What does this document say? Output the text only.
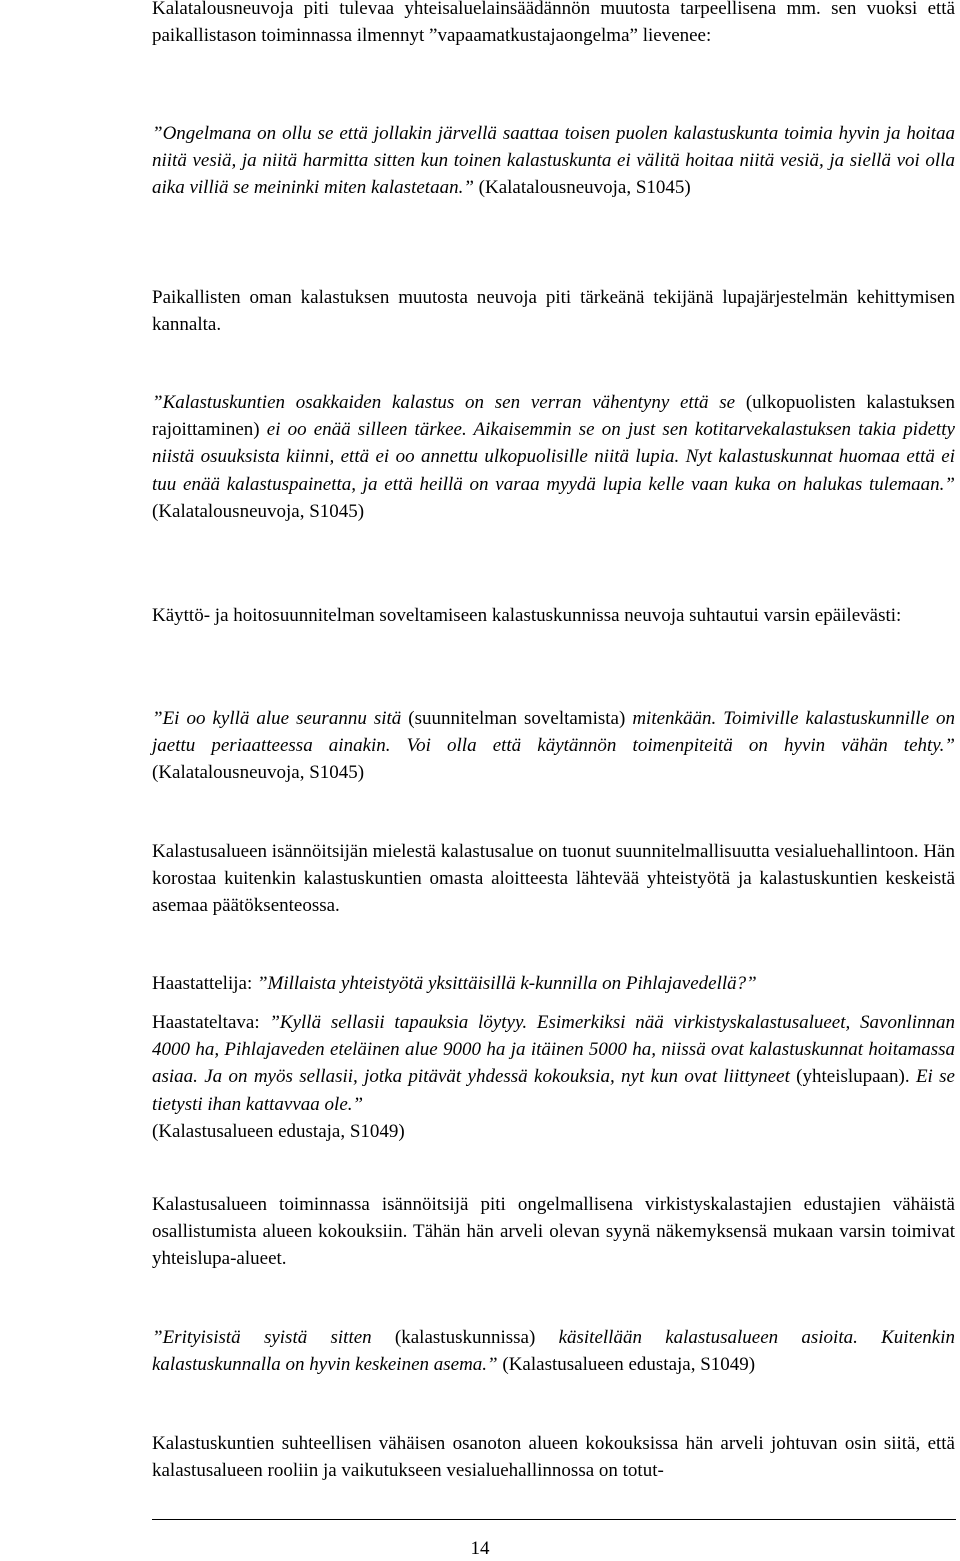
Kalatalousneuvoja piti tulevaa yhteisaluelainsäädännön muutosta tarpeellisena mm. sen vuoksi että paikallistason toiminnassa ilmennyt ”vapaamatkustajaongelma” lievenee:

”Ongelmana on ollu se että jollakin järvellä saattaa toisen puolen kalastuskunta toimia hyvin ja hoitaa niitä vesiä, ja niitä harmitta sitten kun toinen kalastuskunta ei välitä hoitaa niitä vesiä, ja siellä voi olla aika villiä se meininki miten kalastetaan.” (Kalatalousneuvoja, S1045)

Paikallisten oman kalastuksen muutosta neuvoja piti tärkeänä tekijänä lupajärjestelmän kehittymisen kannalta.

”Kalastuskuntien osakkaiden kalastus on sen verran vähentyny että se (ulkopuolisten kalastuksen rajoittaminen) ei oo enää silleen tärkee. Aikaisemmin se on just sen kotitarvekalastuksen takia pidetty niistä osuuksista kiinni, että ei oo annettu ulkopuolisille niitä lupia. Nyt kalastuskunnat huomaa että ei tuu enää kalastuspainetta, ja että heillä on varaa myydä lupia kelle vaan kuka on halukas tulemaan.” (Kalatalousneuvoja, S1045)

Käyttö- ja hoitosuunnitelman soveltamiseen kalastuskunnissa neuvoja suhtautui varsin epäilevästi:

”Ei oo kyllä alue seurannu sitä (suunnitelman soveltamista) mitenkään. Toimiville kalastuskunnille on jaettu periaatteessa ainakin. Voi olla että käytännön toimenpiteitä on hyvin vähän tehty.” (Kalatalousneuvoja, S1045)

Kalastusalueen isännöitsijän mielestä kalastusalue on tuonut suunnitelmallisuutta vesialuehallintoon. Hän korostaa kuitenkin kalastuskuntien omasta aloitteesta lähtevää yhteistyötä ja kalastuskuntien keskeistä asemaa päätöksenteossa.

Haastattelija: ”Millaista yhteistyötä yksittäisillä k-kunnilla on Pihlajavedellä?”

Haastateltava: ”Kyllä sellasii tapauksia löytyy. Esimerkiksi nää virkistyskalastusalueet, Savonlinnan 4000 ha, Pihlajaveden eteläinen alue 9000 ha ja itäinen 5000 ha, niissä ovat kalastuskunnat hoitamassa asiaa. Ja on myös sellasii, jotka pitävät yhdessä kokouksia, nyt kun ovat liittyneet (yhteislupaan). Ei se tietysti ihan kattavvaa ole.”
(Kalastusalueen edustaja, S1049)

Kalastusalueen toiminnassa isännöitsijä piti ongelmallisena virkistyskalastajien edustajien vähäistä osallistumista alueen kokouksiin. Tähän hän arveli olevan syynä näkemyksensä mukaan varsin toimivat yhteislupa-alueet.

”Erityisistä syistä sitten (kalastuskunnissa) käsitellään kalastusalueen asioita. Kuitenkin kalastuskunnalla on hyvin keskeinen asema.” (Kalastusalueen edustaja, S1049)

Kalastuskuntien suhteellisen vähäisen osanoton alueen kokouksissa hän arveli johtuvan osin siitä, että kalastusalueen rooliin ja vaikutukseen vesialuehallinnossa on totut-

14
